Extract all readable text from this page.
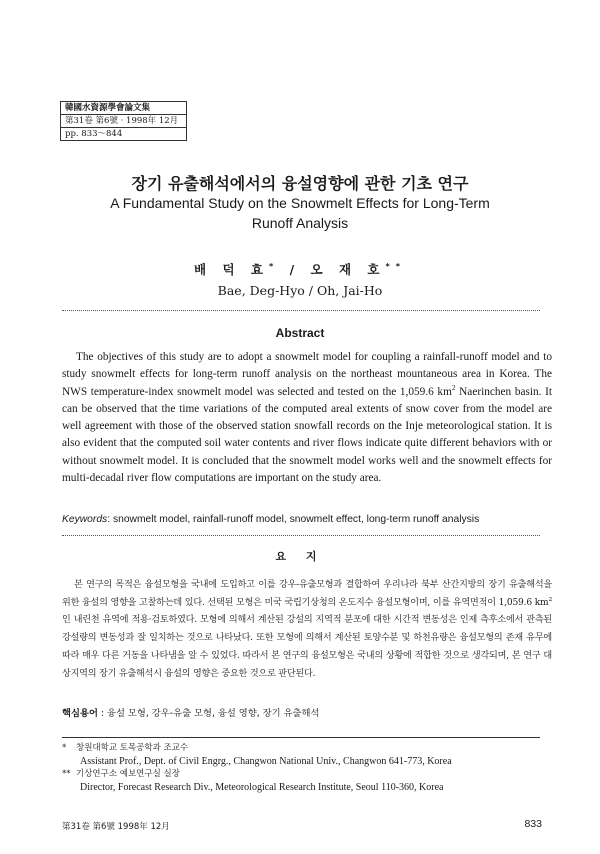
韓國水資源學會論文集
第31卷 第6號 · 1998年 12月
pp. 833～844
장기 유출해석에서의 융설영향에 관한 기초 연구
A Fundamental Study on the Snowmelt Effects for Long-Term Runoff Analysis
배 덕 효* / 오 재 호**
Bae, Deg-Hyo / Oh, Jai-Ho
Abstract
The objectives of this study are to adopt a snowmelt model for coupling a rainfall-runoff model and to study snowmelt effects for long-term runoff analysis on the northeast mountaneous area in Korea. The NWS temperature-index snowmelt model was selected and tested on the 1,059.6 $km^2$ Naerinchen basin. It can be observed that the time variations of the computed areal extents of snow cover from the model are well agreement with those of the observed station snowfall records on the Inje meteorological station. It is also evident that the computed soil water contents and river flows indicate quite different behaviors with or without snowmelt model. It is concluded that the snowmelt model works well and the snowmelt effects for multi-decadal river flow computations are important on the study area.
Keywords: snowmelt model, rainfall-runoff model, snowmelt effect, long-term runoff analysis
요 지
본 연구의 목적은 융설모형을 국내에 도입하고 이를 강우-유출모형과 결합하여 우리나라 북부 산간지방의 장기 유출해석을 위한 융설의 영향을 고찰하는데 있다. 선택된 모형은 미국 국립기상청의 온도지수 융설모형이며, 이를 유역면적이 1,059.6 $km^2$인 내린천 유역에 적용·검토하였다. 모형에 의해서 계산된 강설의 지역적 분포에 대한 시간적 변동성은 인제 측후소에서 관측된 강설량의 변동성과 잘 일치하는 것으로 나타났다. 또한 모형에 의해서 계산된 토양수분 및 하천유량은 융설모형의 존재 유무에 따라 매우 다른 거동을 나타냄을 알 수 있었다. 따라서 본 연구의 융설모형은 국내의 상황에 적합한 것으로 생각되며, 본 연구 대상지역의 장기 유출해석시 융설의 영향은 중요한 것으로 판단된다.
핵심용어 : 융설 모형, 강우-유출 모형, 융설 영향, 장기 유출해석
* 창원대학교 토목공학과 조교수
Assistant Prof., Dept. of Civil Engrg., Changwon National Univ., Changwon 641-773, Korea
** 기상연구소 예보연구실 실장
Director, Forecast Research Div., Meteorological Research Institute, Seoul 110-360, Korea
第31卷 第6號 1998年 12月	833
